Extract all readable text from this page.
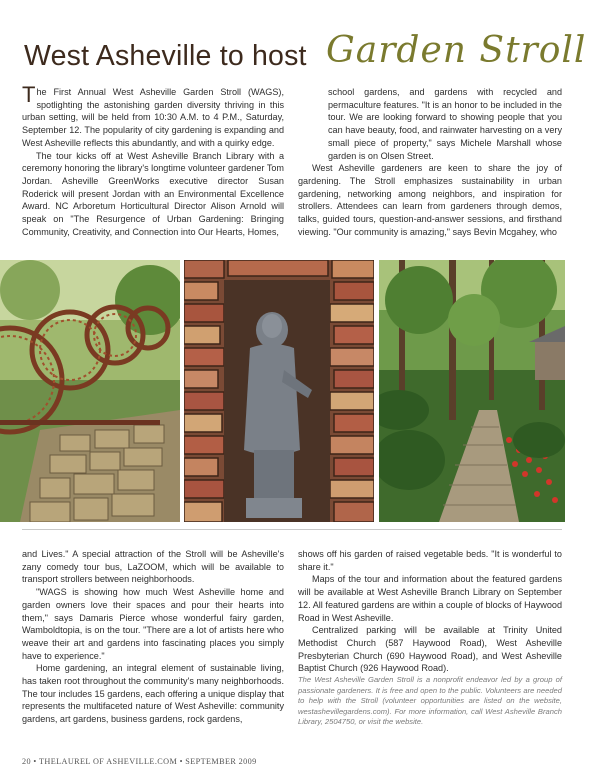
West Asheville to host Garden Stroll

The First Annual West Asheville Garden Stroll (WAGS), spotlighting the astonishing garden diversity thriving in this urban setting, will be held from 10:30 A.M. to 4 P.M., Saturday, September 12. The popularity of city gardening is expanding and West Asheville reflects this abundantly, and with a quirky edge.

The tour kicks off at West Asheville Branch Library with a ceremony honoring the library's longtime volunteer gardener Tom Jordan. Asheville GreenWorks executive director Susan Roderick will present Jordan with an Environmental Excellence Award. NC Arboretum Horticultural Director Alison Arnold will speak on "The Resurgence of Urban Gardening: Bringing Community, Creativity, and Connection into Our Hearts, Homes,

school gardens, and gardens with recycled and permaculture features. "It is an honor to be included in the tour. We are looking forward to showing people that you can have beauty, food, and rainwater harvesting on a very small piece of property," says Michele Marshall whose garden is on Olsen Street.

West Asheville gardeners are keen to share the joy of gardening. The Stroll emphasizes sustainability in urban gardening, networking among neighbors, and inspiration for strollers. Attendees can learn from gardeners through demos, talks, guided tours, question-and-answer sessions, and firsthand viewing. "Our community is amazing," says Bevin Mcgahey, who

and Lives." A special attraction of the Stroll will be Asheville's zany comedy tour bus, LaZOOM, which will be available to transport strollers between neighborhoods.

"WAGS is showing how much West Asheville home and garden owners love their spaces and pour their hearts into them," says Damaris Pierce whose wonderful fairy garden, Wamboldtopia, is on the tour. "There are a lot of artists here who weave their art and gardens into fascinating places you simply have to experience."

Home gardening, an integral element of sustainable living, has taken root throughout the community's many neighborhoods. The tour includes 15 gardens, each offering a unique display that represents the multifaceted nature of West Asheville: community gardens, art gardens, business gardens, rock gardens,

shows off his garden of raised vegetable beds. "It is wonderful to share it."

Maps of the tour and information about the featured gardens will be available at West Asheville Branch Library on September 12. All featured gardens are within a couple of blocks of Haywood Road in West Asheville.

Centralized parking will be available at Trinity United Methodist Church (587 Haywood Road), West Asheville Presbyterian Church (690 Haywood Road), and West Asheville Baptist Church (926 Haywood Road).

The West Asheville Garden Stroll is a nonprofit endeavor led by a group of passionate gardeners. It is free and open to the public. Volunteers are needed to help with the Stroll (volunteer opportunities are listed on the website, westashevillegardens.com). For more information, call West Asheville Branch Library, 2504750, or visit the website.

20 • THELAUREL OF ASHEVILLE.COM • SEPTEMBER 2009
